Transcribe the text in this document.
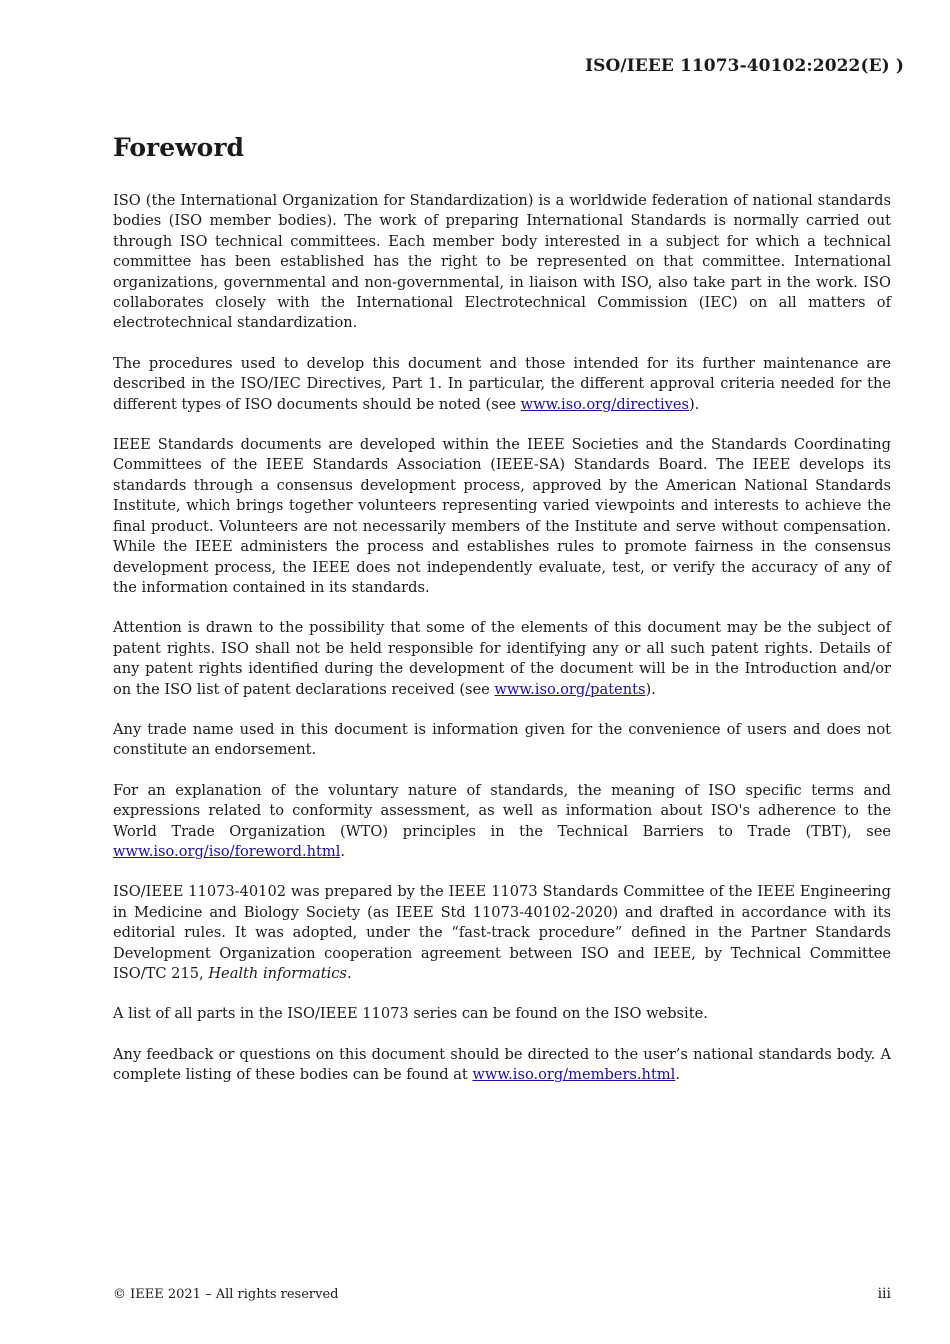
ISO/IEEE 11073-40102:2022(E) )
Foreword

ISO (the International Organization for Standardization) is a worldwide federation of national standards bodies (ISO member bodies). The work of preparing International Standards is normally carried out through ISO technical committees. Each member body interested in a subject for which a technical committee has been established has the right to be represented on that committee. International organizations, governmental and non-governmental, in liaison with ISO, also take part in the work. ISO collaborates closely with the International Electrotechnical Commission (IEC) on all matters of electrotechnical standardization.

The procedures used to develop this document and those intended for its further maintenance are described in the ISO/IEC Directives, Part 1. In particular, the different approval criteria needed for the different types of ISO documents should be noted (see www.iso.org/directives).

IEEE Standards documents are developed within the IEEE Societies and the Standards Coordinating Committees of the IEEE Standards Association (IEEE-SA) Standards Board. The IEEE develops its standards through a consensus development process, approved by the American National Standards Institute, which brings together volunteers representing varied viewpoints and interests to achieve the final product. Volunteers are not necessarily members of the Institute and serve without compensation. While the IEEE administers the process and establishes rules to promote fairness in the consensus development process, the IEEE does not independently evaluate, test, or verify the accuracy of any of the information contained in its standards.

Attention is drawn to the possibility that some of the elements of this document may be the subject of patent rights. ISO shall not be held responsible for identifying any or all such patent rights. Details of any patent rights identified during the development of the document will be in the Introduction and/or on the ISO list of patent declarations received (see www.iso.org/patents).

Any trade name used in this document is information given for the convenience of users and does not constitute an endorsement.

For an explanation of the voluntary nature of standards, the meaning of ISO specific terms and expressions related to conformity assessment, as well as information about ISO's adherence to the World Trade Organization (WTO) principles in the Technical Barriers to Trade (TBT), see www.iso.org/iso/foreword.html.

ISO/IEEE 11073-40102 was prepared by the IEEE 11073 Standards Committee of the IEEE Engineering in Medicine and Biology Society (as IEEE Std 11073-40102-2020) and drafted in accordance with its editorial rules. It was adopted, under the “fast-track procedure” defined in the Partner Standards Development Organization cooperation agreement between ISO and IEEE, by Technical Committee ISO/TC 215, Health informatics.

A list of all parts in the ISO/IEEE 11073 series can be found on the ISO website.

Any feedback or questions on this document should be directed to the user’s national standards body. A complete listing of these bodies can be found at www.iso.org/members.html.

© IEEE 2021 – All rights reserved	iii
